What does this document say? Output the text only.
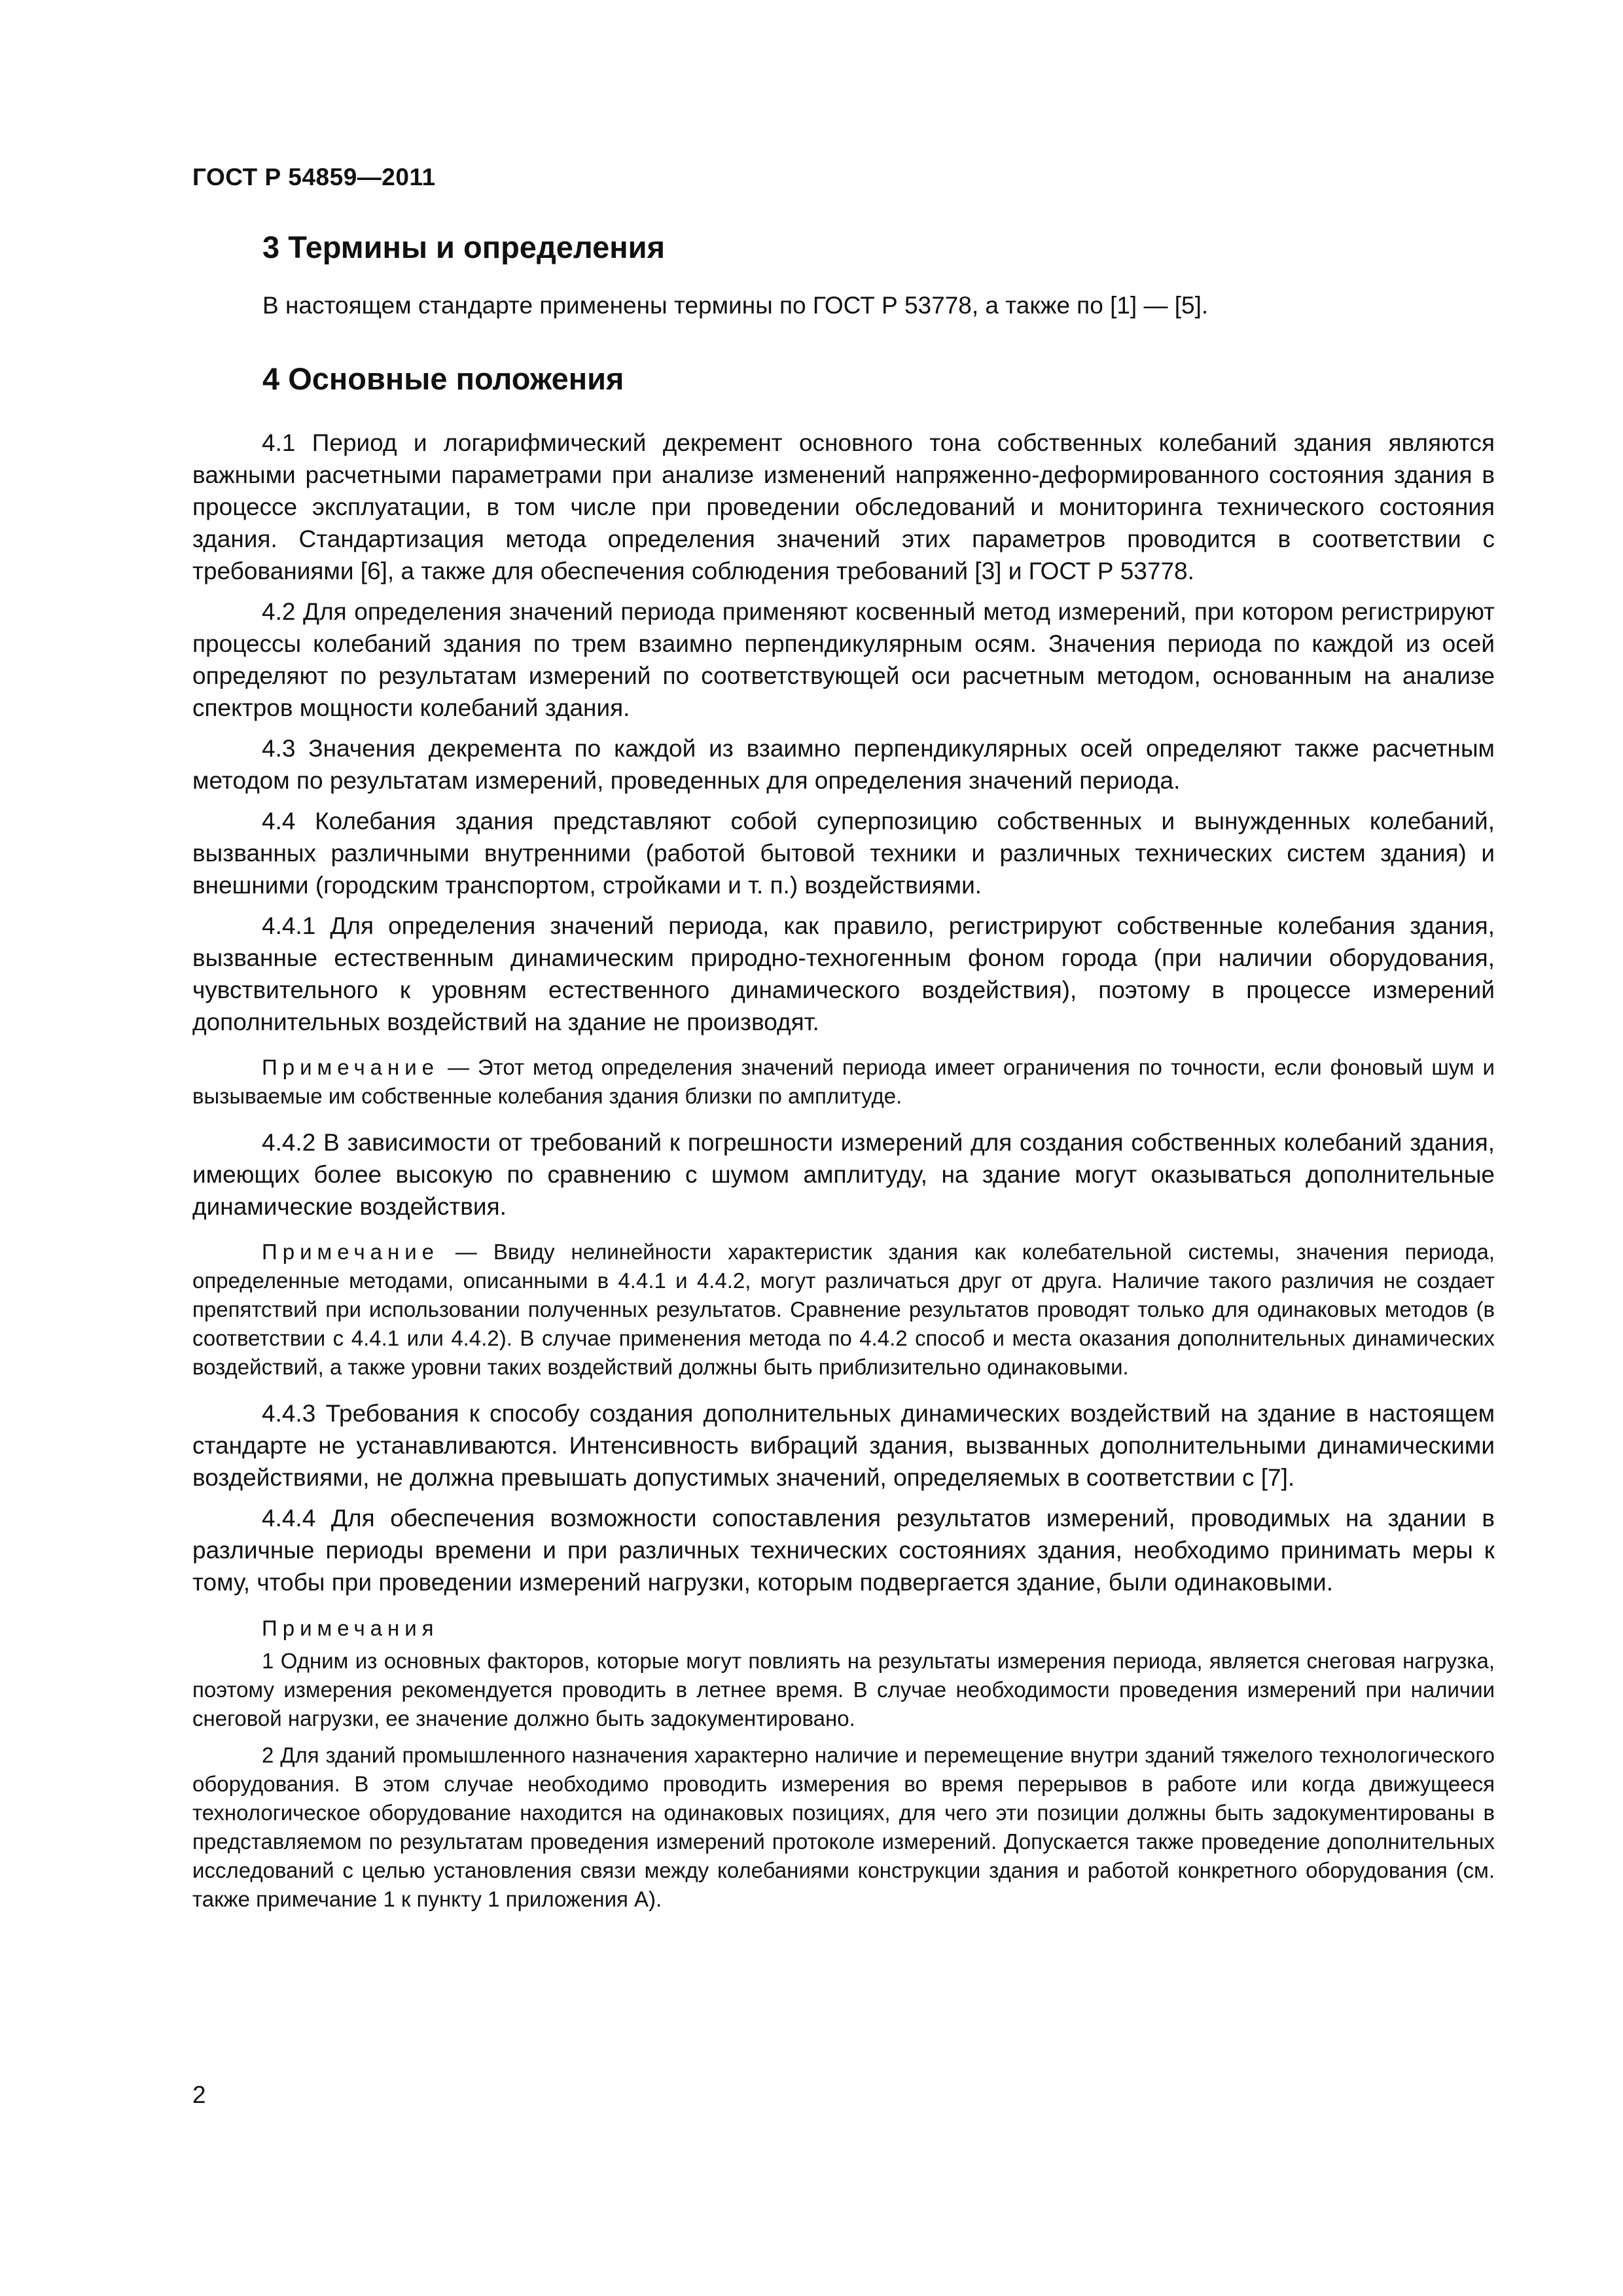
ГОСТ Р 54859—2011
3 Термины и определения
В настоящем стандарте применены термины по ГОСТ Р 53778, а также по [1] — [5].
4 Основные положения

4.1 Период и логарифмический декремент основного тона собственных колебаний здания являются важными расчетными параметрами при анализе изменений напряженно-деформированного состояния здания в процессе эксплуатации, в том числе при проведении обследований и мониторинга технического состояния здания. Стандартизация метода определения значений этих параметров проводится в соответствии с требованиями [6], а также для обеспечения соблюдения требований [3] и ГОСТ Р 53778.

4.2 Для определения значений периода применяют косвенный метод измерений, при котором регистрируют процессы колебаний здания по трем взаимно перпендикулярным осям. Значения периода по каждой из осей определяют по результатам измерений по соответствующей оси расчетным методом, основанным на анализе спектров мощности колебаний здания.

4.3 Значения декремента по каждой из взаимно перпендикулярных осей определяют также расчетным методом по результатам измерений, проведенных для определения значений периода.

4.4 Колебания здания представляют собой суперпозицию собственных и вынужденных колебаний, вызванных различными внутренними (работой бытовой техники и различных технических систем здания) и внешними (городским транспортом, стройками и т. п.) воздействиями.

4.4.1 Для определения значений периода, как правило, регистрируют собственные колебания здания, вызванные естественным динамическим природно-техногенным фоном города (при наличии оборудования, чувствительного к уровням естественного динамического воздействия), поэтому в процессе измерений дополнительных воздействий на здание не производят.

Примечание — Этот метод определения значений периода имеет ограничения по точности, если фоновый шум и вызываемые им собственные колебания здания близки по амплитуде.

4.4.2 В зависимости от требований к погрешности измерений для создания собственных колебаний здания, имеющих более высокую по сравнению с шумом амплитуду, на здание могут оказываться дополнительные динамические воздействия.

Примечание — Ввиду нелинейности характеристик здания как колебательной системы, значения периода, определенные методами, описанными в 4.4.1 и 4.4.2, могут различаться друг от друга. Наличие такого различия не создает препятствий при использовании полученных результатов. Сравнение результатов проводят только для одинаковых методов (в соответствии с 4.4.1 или 4.4.2). В случае применения метода по 4.4.2 способ и места оказания дополнительных динамических воздействий, а также уровни таких воздействий должны быть приблизительно одинаковыми.

4.4.3 Требования к способу создания дополнительных динамических воздействий на здание в настоящем стандарте не устанавливаются. Интенсивность вибраций здания, вызванных дополнительными динамическими воздействиями, не должна превышать допустимых значений, определяемых в соответствии с [7].

4.4.4 Для обеспечения возможности сопоставления результатов измерений, проводимых на здании в различные периоды времени и при различных технических состояниях здания, необходимо принимать меры к тому, чтобы при проведении измерений нагрузки, которым подвергается здание, были одинаковыми.

Примечания

1 Одним из основных факторов, которые могут повлиять на результаты измерения периода, является снеговая нагрузка, поэтому измерения рекомендуется проводить в летнее время. В случае необходимости проведения измерений при наличии снеговой нагрузки, ее значение должно быть задокументировано.

2 Для зданий промышленного назначения характерно наличие и перемещение внутри зданий тяжелого технологического оборудования. В этом случае необходимо проводить измерения во время перерывов в работе или когда движущееся технологическое оборудование находится на одинаковых позициях, для чего эти позиции должны быть задокументированы в представляемом по результатам проведения измерений протоколе измерений. Допускается также проведение дополнительных исследований с целью установления связи между колебаниями конструкции здания и работой конкретного оборудования (см. также примечание 1 к пункту 1 приложения А).

2
